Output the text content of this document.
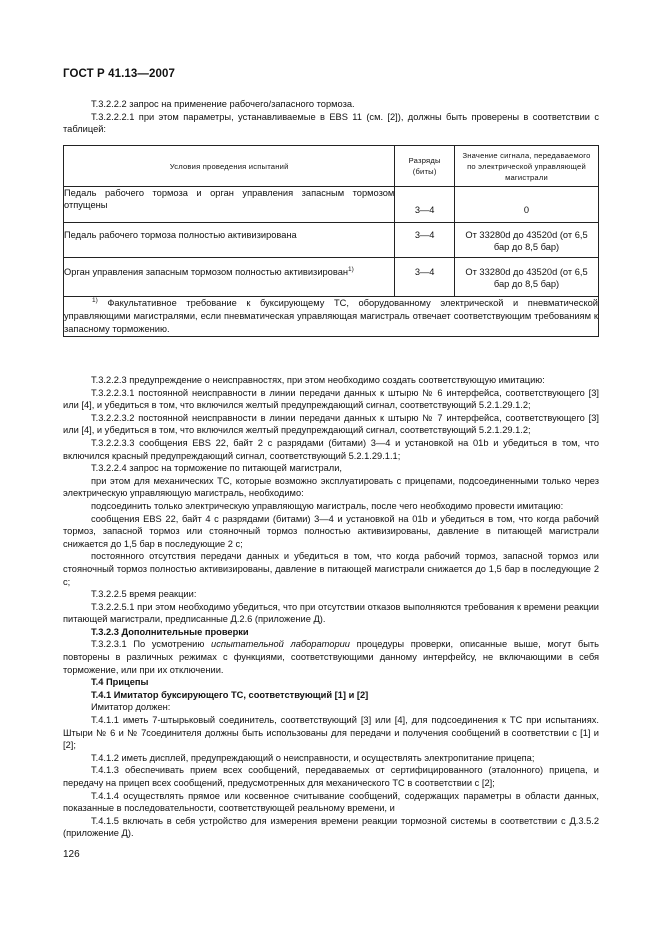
ГОСТ Р 41.13—2007
Т.3.2.2.2 запрос на применение рабочего/запасного тормоза.
Т.3.2.2.2.1 при этом параметры, устанавливаемые в EBS 11 (см. [2]), должны быть проверены в соответствии с таблицей:
Условия проведения испытаний	Разряды (биты)	Значение сигнала, передаваемого по электрической управляющей магистрали
Педаль рабочего тормоза и орган управления запасным тормозом отпущены	3—4	0
Педаль рабочего тормоза полностью активизирована	3—4	От 33280d до 43520d (от 6,5 бар до 8,5 бар)
Орган управления запасным тормозом полностью активизирован$^{1)}$	3—4	От 33280d до 43520d (от 6,5 бар до 8,5 бар)
$^{1)}$ Факультативное требование к буксирующему ТС, оборудованному электрической и пневматической управляющими магистралями, если пневматическая управляющая магистраль отвечает соответствующим требованиям к запасному торможению.		
Т.3.2.2.3 предупреждение о неисправностях, при этом необходимо создать соответствующую имитацию:
Т.3.2.2.3.1 постоянной неисправности в линии передачи данных к штырю № 6 интерфейса, соответствующего [3] или [4], и убедиться в том, что включился желтый предупреждающий сигнал, соответствующий 5.2.1.29.1.2;
Т.3.2.2.3.2 постоянной неисправности в линии передачи данных к штырю № 7 интерфейса, соответствующего [3] или [4], и убедиться в том, что включился желтый предупреждающий сигнал, соответствующий 5.2.1.29.1.2;
Т.3.2.2.3.3 сообщения EBS 22, байт 2 с разрядами (битами) 3—4 и установкой на 01b и убедиться в том, что включился красный предупреждающий сигнал, соответствующий 5.2.1.29.1.1;
Т.3.2.2.4 запрос на торможение по питающей магистрали,
при этом для механических ТС, которые возможно эксплуатировать с прицепами, подсоединенными только через электрическую управляющую магистраль, необходимо:
подсоединить только электрическую управляющую магистраль, после чего необходимо провести имитацию:
сообщения EBS 22, байт 4 с разрядами (битами) 3—4 и установкой на 01b и убедиться в том, что когда рабочий тормоз, запасной тормоз или стояночный тормоз полностью активизированы, давление в питающей магистрали снижается до 1,5 бар в последующие 2 с;
постоянного отсутствия передачи данных и убедиться в том, что когда рабочий тормоз, запасной тормоз или стояночный тормоз полностью активизированы, давление в питающей магистрали снижается до 1,5 бар в последующие 2 с;
Т.3.2.2.5 время реакции:
Т.3.2.2.5.1 при этом необходимо убедиться, что при отсутствии отказов выполняются требования к времени реакции питающей магистрали, предписанные Д.2.6 (приложение Д).
Т.3.2.3 Дополнительные проверки
Т.3.2.3.1 По усмотрению испытательной лаборатории процедуры проверки, описанные выше, могут быть повторены в различных режимах с функциями, соответствующими данному интерфейсу, не включающими в себя торможение, или при их отключении.
Т.4 Прицепы
Т.4.1 Имитатор буксирующего ТС, соответствующий [1] и [2]
Имитатор должен:
Т.4.1.1 иметь 7-штырьковый соединитель, соответствующий [3] или [4], для подсоединения к ТС при испытаниях. Штыри № 6 и № 7соединителя должны быть использованы для передачи и получения сообщений в соответствии с [1] и [2];
Т.4.1.2 иметь дисплей, предупреждающий о неисправности, и осуществлять электропитание прицепа;
Т.4.1.3 обеспечивать прием всех сообщений, передаваемых от сертифицированного (эталонного) прицепа, и передачу на прицеп всех сообщений, предусмотренных для механического ТС в соответствии с [2];
Т.4.1.4 осуществлять прямое или косвенное считывание сообщений, содержащих параметры в области данных, показанные в последовательности, соответствующей реальному времени, и
Т.4.1.5 включать в себя устройство для измерения времени реакции тормозной системы в соответствии с Д.3.5.2 (приложение Д).
126
